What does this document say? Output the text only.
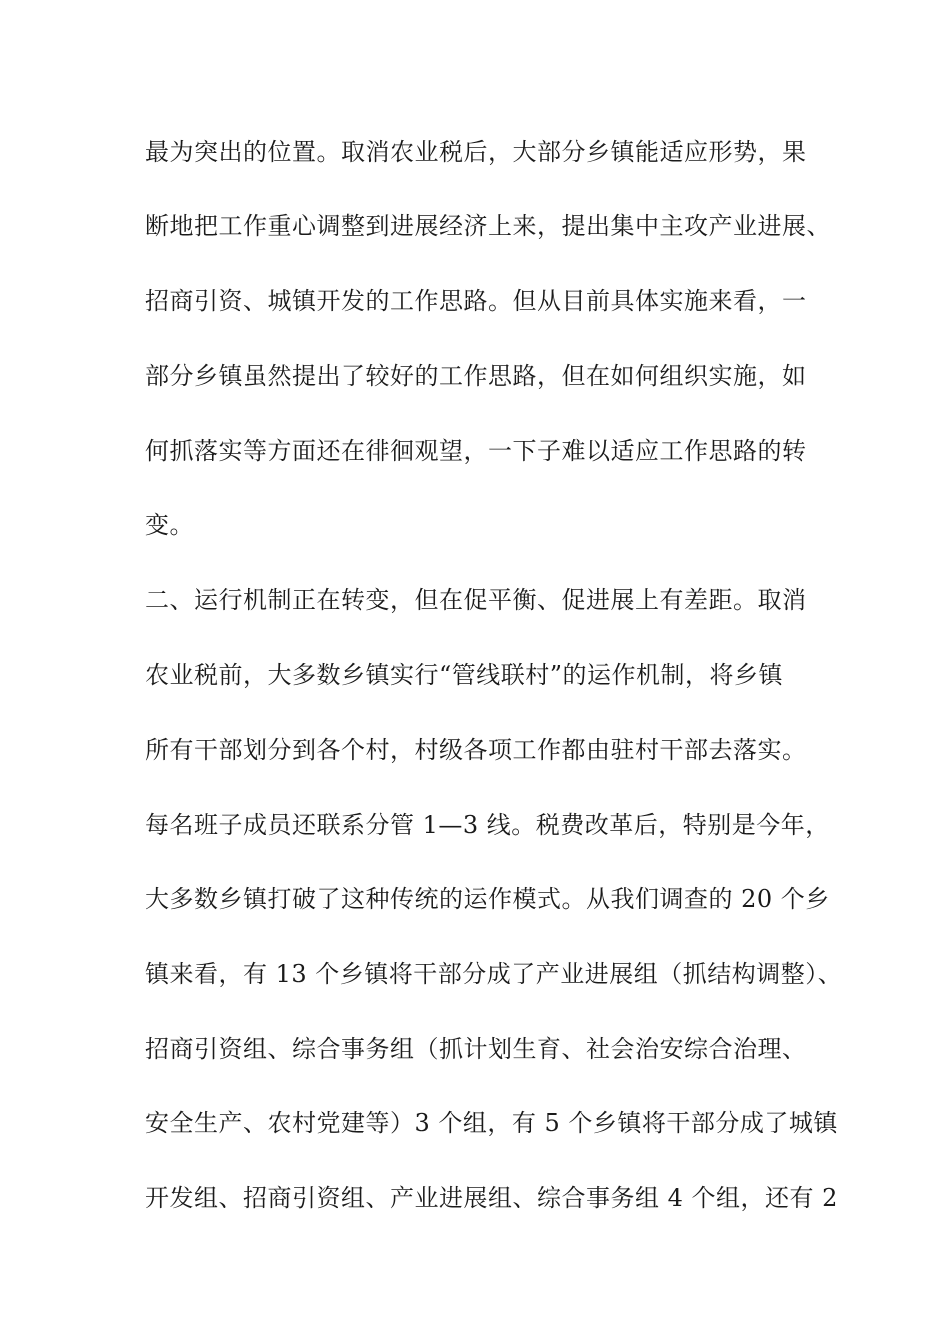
最为突出的位置。取消农业税后，大部分乡镇能适应形势，果
断地把工作重心调整到进展经济上来，提出集中主攻产业进展、
招商引资、城镇开发的工作思路。但从目前具体实施来看，一
部分乡镇虽然提出了较好的工作思路，但在如何组织实施，如
何抓落实等方面还在徘徊观望，一下子难以适应工作思路的转
变。
二、运行机制正在转变，但在促平衡、促进展上有差距。取消
农业税前，大多数乡镇实行“管线联村”的运作机制，将乡镇
所有干部划分到各个村，村级各项工作都由驻村干部去落实。
每名班子成员还联系分管 1—3 线。税费改革后，特别是今年，
大多数乡镇打破了这种传统的运作模式。从我们调查的 20 个乡
镇来看，有 13 个乡镇将干部分成了产业进展组（抓结构调整）、
招商引资组、综合事务组（抓计划生育、社会治安综合治理、
安全生产、农村党建等）3 个组，有 5 个乡镇将干部分成了城镇
开发组、招商引资组、产业进展组、综合事务组 4 个组，还有 2
